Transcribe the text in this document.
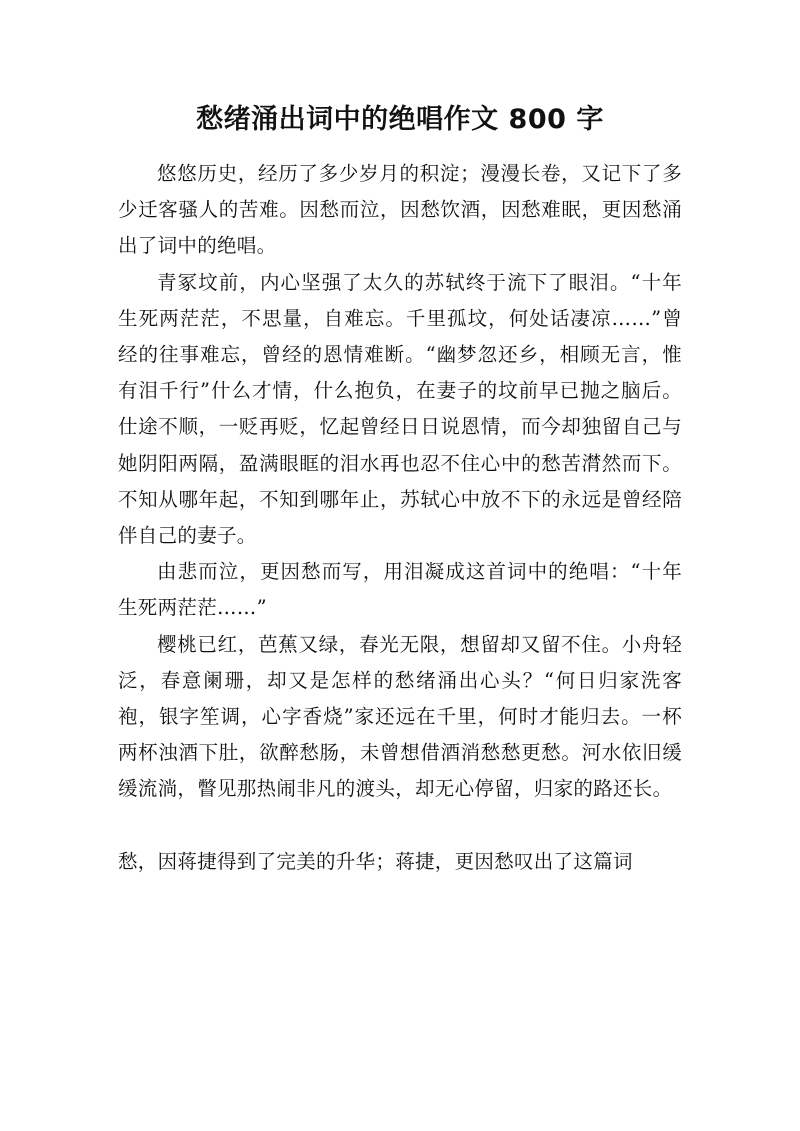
愁绪涌出词中的绝唱作文 800 字

悠悠历史，经历了多少岁月的积淀；漫漫长卷，又记下了多少迁客骚人的苦难。因愁而泣，因愁饮酒，因愁难眠，更因愁涌出了词中的绝唱。

青冢坟前，内心坚强了太久的苏轼终于流下了眼泪。“十年生死两茫茫，不思量，自难忘。千里孤坟，何处话凄凉……”曾经的往事难忘，曾经的恩情难断。“幽梦忽还乡，相顾无言，惟有泪千行”什么才情，什么抱负，在妻子的坟前早已抛之脑后。仕途不顺，一贬再贬，忆起曾经日日说恩情，而今却独留自己与她阴阳两隔，盈满眼眶的泪水再也忍不住心中的愁苦潸然而下。不知从哪年起，不知到哪年止，苏轼心中放不下的永远是曾经陪伴自己的妻子。

由悲而泣，更因愁而写，用泪凝成这首词中的绝唱：“十年生死两茫茫……”

樱桃已红，芭蕉又绿，春光无限，想留却又留不住。小舟轻泛，春意阑珊，却又是怎样的愁绪涌出心头？“何日归家洗客袍，银字笙调，心字香烧”家还远在千里，何时才能归去。一杯两杯浊酒下肚，欲醉愁肠，未曾想借酒消愁愁更愁。河水依旧缓缓流淌，瞥见那热闹非凡的渡头，却无心停留，归家的路还长。

愁，因蒋捷得到了完美的升华；蒋捷，更因愁叹出了这篇词
